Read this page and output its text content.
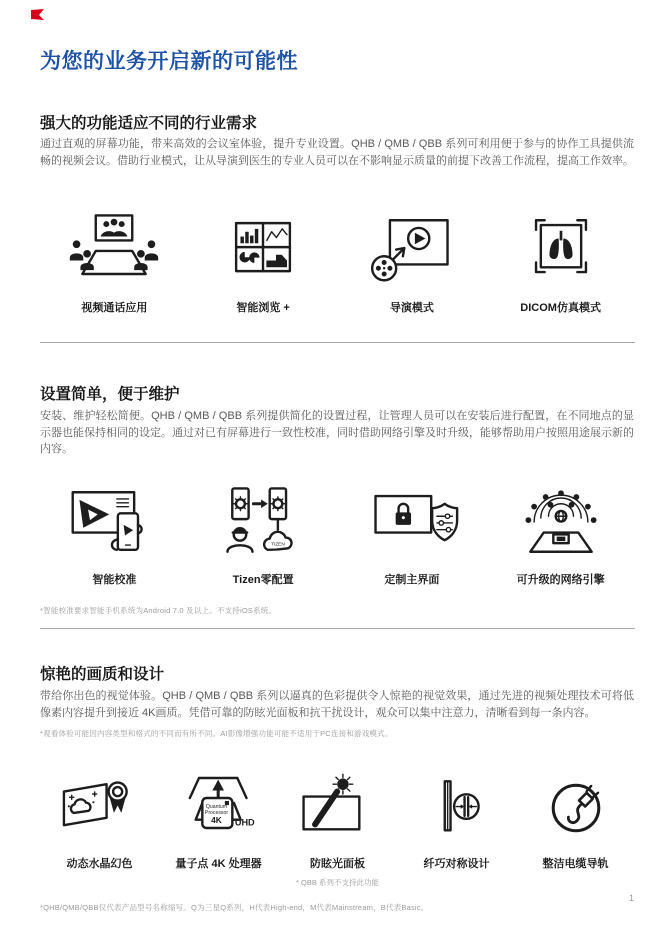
为您的业务开启新的可能性
强大的功能适应不同的行业需求
通过直观的屏幕功能，带来高效的会议室体验，提升专业设置。QHB / QMB / QBB 系列可利用便于参与的协作工具提供流畅的视频会议。借助行业模式，让从导演到医生的专业人员可以在不影响显示质量的前提下改善工作流程，提高工作效率。
视频通话应用	智能浏览 +	导演模式	DICOM仿真模式
设置简单，便于维护
安装、维护轻松简便。QHB / QMB / QBB 系列提供简化的设置过程，让管理人员可以在安装后进行配置，在不同地点的显示器也能保持相同的设定。通过对已有屏幕进行一致性校准，同时借助网络引擎及时升级，能够帮助用户按照用途展示新的内容。
智能校准
TIZEN
Tizen零配置	定制主界面	可升级的网络引擎
*智能校准要求智能手机系统为Android 7.0 及以上。不支持iOS系统。
惊艳的画质和设计
带给你出色的视觉体验。QHB / QMB / QBB 系列以逼真的色彩提供令人惊艳的视觉效果，通过先进的视频处理技术可将低像素内容提升到接近 4K画质。凭借可靠的防眩光面板和抗干扰设计，观众可以集中注意力，清晰看到每一条内容。
*观看体验可能因内容类型和格式的不同而有所不同。AI影像增强功能可能不适用于PC连接和游戏模式。
动态水晶幻色
Quantum
Processor
4K UHD
量子点 4K 处理器	防眩光面板	纤巧对称设计	整洁电缆导轨
* QBB 系列不支持此功能
*QHB/QMB/QBB仅代表产品型号名称缩写。Q为三星Q系列，H代表High-end，M代表Mainstream，B代表Basic。
1
